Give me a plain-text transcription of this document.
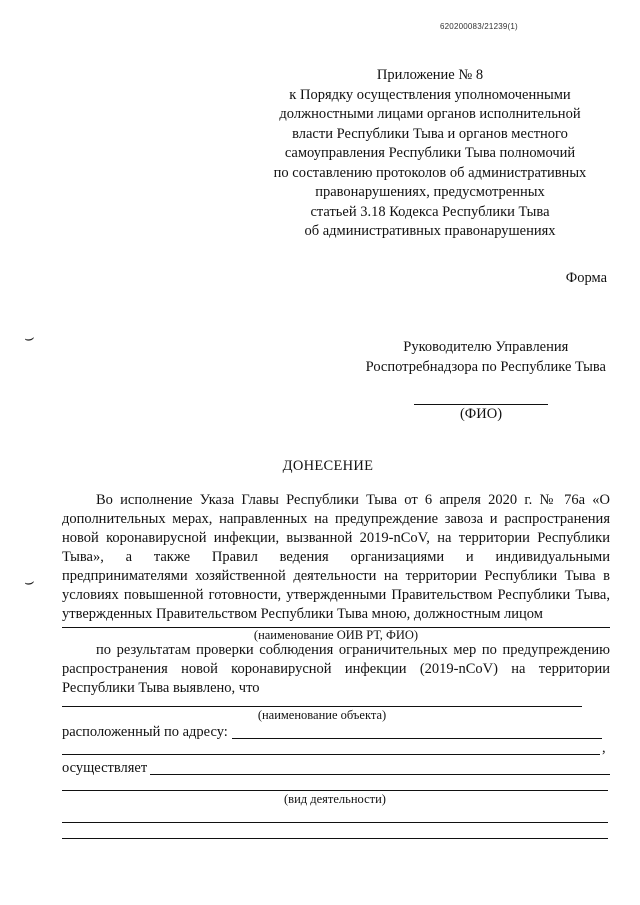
620200083/21239(1)
Приложение № 8
к Порядку осуществления уполномоченными
должностными лицами органов исполнительной
власти Республики Тыва и органов местного
самоуправления Республики Тыва полномочий
по составлению протоколов об административных
правонарушениях, предусмотренных
статьей 3.18 Кодекса Республики Тыва
об административных правонарушениях
Форма
⌣	Руководителю Управления
Роспотребнадзора по Республике Тыва
(ФИО)
ДОНЕСЕНИЕ
Во исполнение Указа Главы Республики Тыва от 6 апреля 2020 г. № 76а «О дополнительных мерах, направленных на предупреждение завоза и распространения новой коронавирусной инфекции, вызванной 2019-nCoV, на территории Республики Тыва», а также Правил ведения организациями и индивидуальными предпринимателями хозяйственной деятельности на территории Республики Тыва в условиях повышенной готовности, утвержденными Правительством Республики Тыва, утвержденных Правительством Республики Тыва мною, должностным лицом
⌣
(наименование ОИВ РТ, ФИО)
по результатам проверки соблюдения ограничительных мер по предупреждению распространения новой коронавирусной инфекции (2019-nCoV) на территории Республики Тыва выявлено, что
(наименование объекта)
расположенный по адресу:
,
осуществляет
(вид деятельности)
